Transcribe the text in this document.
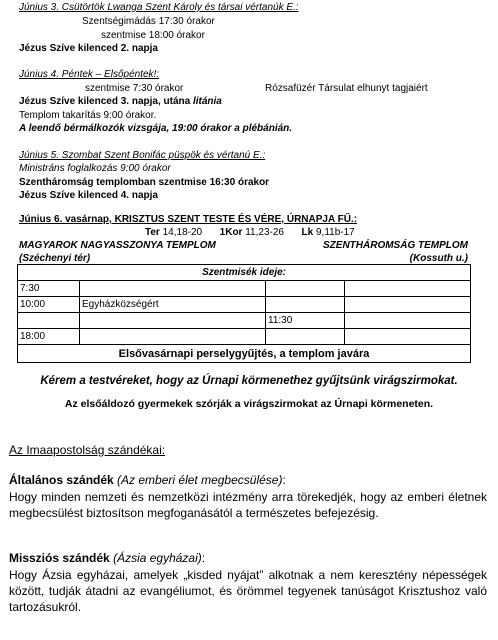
Június 3. Csütörtök Lwanga Szent Károly és társai vértanúk E.:
Szentségimádás 17:30 órakor
szentmise 18:00 órakor
Jézus Szíve kilenced 2. napja
Június 4. Péntek – Elsőpéntek!:
szentmise 7:30 órakor	Rózsafüzér Társulat elhunyt tagjaiért
Jézus Szíve kilenced 3. napja, utána litánia
Templom takarítás 9:00 órakor.
A leendő bérmálkozók vizsgája, 19:00 órakor a plébánián.
Június 5. Szombat Szent Bonifác püspök és vértanú E.:
Ministráns foglalkozás 9:00 órakor
Szentháromság templomban szentmise 16:30 órakor
Jézus Szíve kilenced 4. napja
Június 6. vasárnap, KRISZTUS SZENT TESTE ÉS VÉRE, ÚRNAPJA FŰ.:
Ter 14,18-20 1Kor 11,23-26 Lk 9,11b-17
MAGYAROK NAGYASSZONYA TEMPLOM
(Széchenyi tér)
SZENTHÁROMSÁG TEMPLOM
(Kossuth u.)
Szentmisék ideje:			
7:30			
10:00	Egyházközségért		
		11:30	
18:00			
Elsővasárnapi perselygyűjtés, a templom javára			
Kérem a testvéreket, hogy az Úrnapi körmenethez gyűjtsünk virágszirmokat.
Az elsőáldozó gyermekek szórják a virágszirmokat az Úrnapi körmeneten.
Az Imaapostolság szándékai:
Általános szándék (Az emberi élet megbecsülése):
Hogy minden nemzeti és nemzetközi intézmény arra törekedjék, hogy az emberi életnek megbecsülést biztosítson megfoganásától a természetes befejezésig.
Missziós szándék (Ázsia egyházai):
Hogy Ázsia egyházai, amelyek „kisded nyájat” alkotnak a nem keresztény népességek között, tudják átadni az evangéliumot, és örömmel tegyenek tanúságot Krisztushoz való tartozásukról.
